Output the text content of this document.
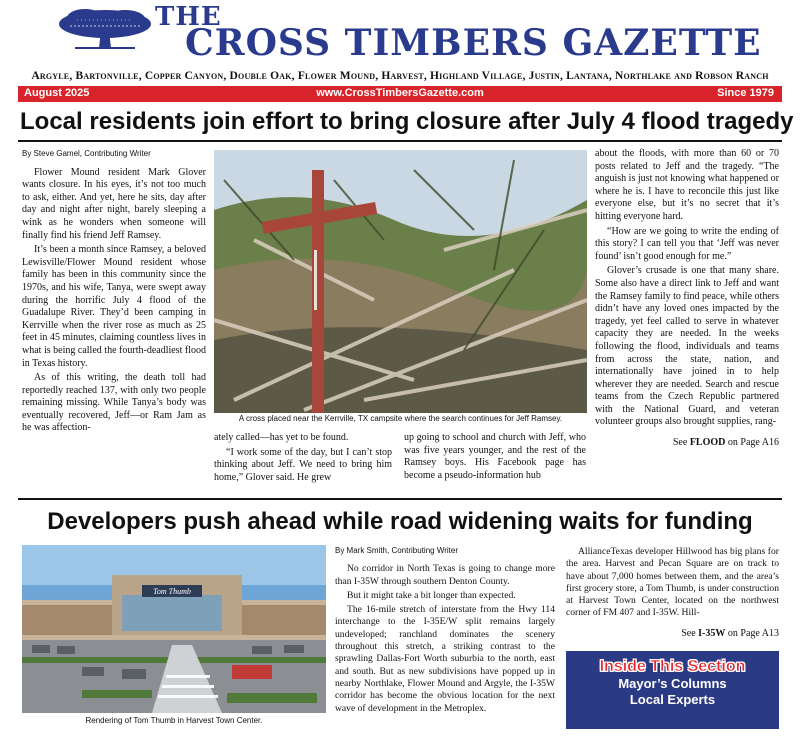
THE
CROSS TIMBERS GAZETTE
Argyle, Bartonville, Copper Canyon, Double Oak, Flower Mound, Harvest, Highland Village, Justin, Lantana, Northlake and Robson Ranch
www.CrossTimbersGazette.com
August 2025	Since 1979
Local residents join effort to bring closure after July 4 flood tragedy
By Steve Gamel, Contributing Writer

Flower Mound resident Mark Glover wants closure. In his eyes, it’s not too much to ask, either. And yet, here he sits, day after day and night after night, barely sleeping a wink as he wonders when someone will finally find his friend Jeff Ramsey.

It’s been a month since Ramsey, a beloved Lewisville/Flower Mound resident whose family has been in this community since the 1970s, and his wife, Tanya, were swept away during the horrific July 4 flood of the Guadalupe River. They’d been camping in Kerrville when the river rose as much as 25 feet in 45 minutes, claiming countless lives in what is being called the fourth-deadliest flood in Texas history.

As of this writing, the death toll had reportedly reached 137, with only two people remaining missing. While Tanya’s body was eventually recovered, Jeff—or Ram Jam as he was affection-

A cross placed near the Kerrville, TX campsite where the search continues for Jeff Ramsey.

ately called—has yet to be found.

“I work some of the day, but I can’t stop thinking about Jeff. We need to bring him home,” Glover said. He grew

up going to school and church with Jeff, who was five years younger, and the rest of the Ramsey boys. His Facebook page has become a pseudo-information hub

about the floods, with more than 60 or 70 posts related to Jeff and the tragedy. “The anguish is just not knowing what happened or where he is. I have to reconcile this just like everyone else, but it’s no secret that it’s hitting everyone hard.

“How are we going to write the ending of this story? I can tell you that ‘Jeff was never found’ isn’t good enough for me.”

Glover’s crusade is one that many share. Some also have a direct link to Jeff and want the Ramsey family to find peace, while others didn’t have any loved ones impacted by the tragedy, yet feel called to serve in whatever capacity they are needed. In the weeks following the flood, individuals and teams from across the state, nation, and internationally have joined in to help wherever they are needed. Search and rescue teams from the Czech Republic partnered with the National Guard, and veteran volunteer groups also brought supplies, rang-

See FLOOD on Page A16
Developers push ahead while road widening waits for funding
Tom Thumb
Rendering of Tom Thumb in Harvest Town Center.
By Mark Smith, Contributing Writer

No corridor in North Texas is going to change more than I-35W through southern Denton County.

But it might take a bit longer than expected.

The 16-mile stretch of interstate from the Hwy 114 interchange to the I-35E/W split remains largely undeveloped; ranchland dominates the scenery throughout this stretch, a striking contrast to the sprawling Dallas-Fort Worth suburbia to the north, east and south. But as new subdivisions have popped up in nearby Northlake, Flower Mound and Argyle, the I-35W corridor has become the obvious location for the next wave of development in the Metroplex.

AllianceTexas developer Hillwood has big plans for the area. Harvest and Pecan Square are on track to have about 7,000 homes between them, and the area’s first grocery store, a Tom Thumb, is under construction at Harvest Town Center, located on the northwest corner of FM 407 and I-35W. Hill-

See I-35W on Page A13
Inside This Section
Mayor’s Columns
Local Experts
